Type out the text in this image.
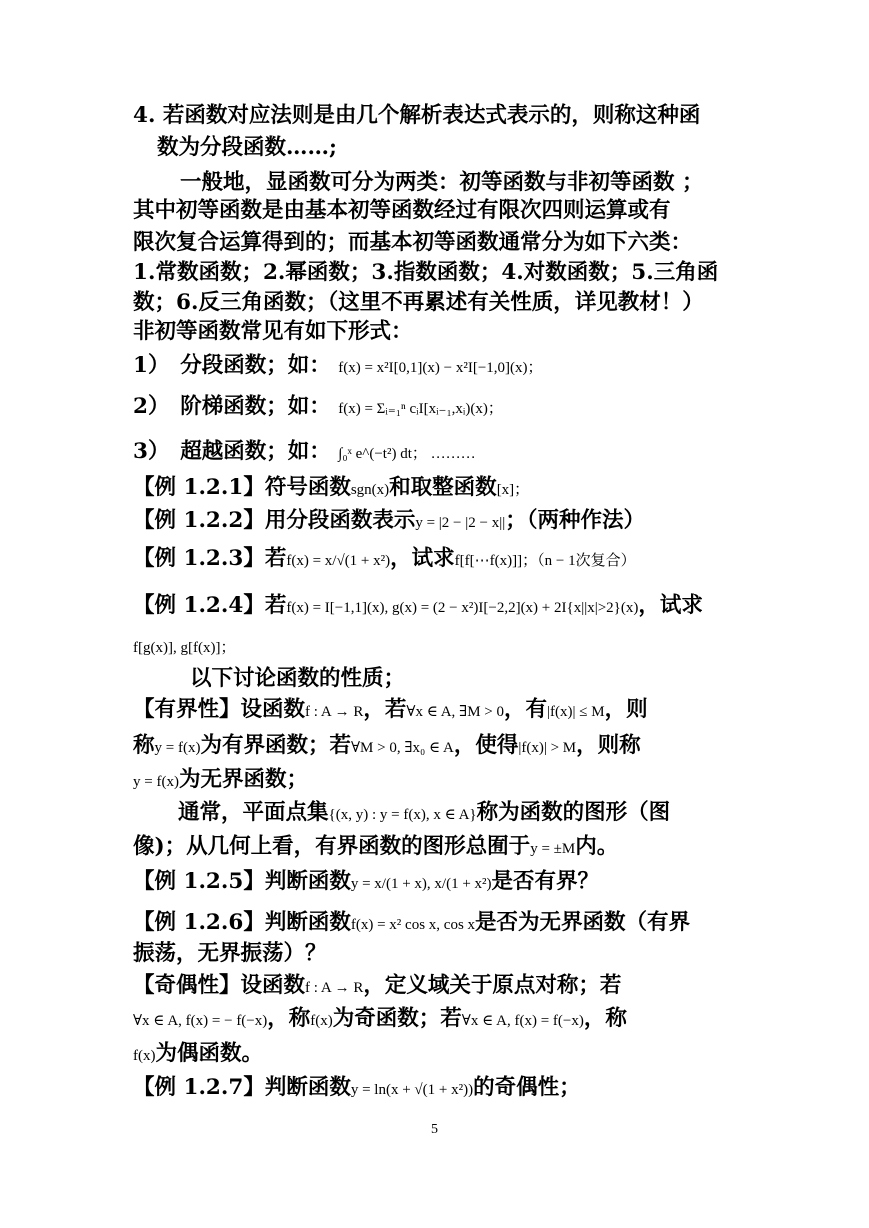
4. 若函数对应法则是由几个解析表达式表示的，则称这种函
数为分段函数……;
一般地，显函数可分为两类：初等函数与非初等函数 ；
其中初等函数是由基本初等函数经过有限次四则运算或有
限次复合运算得到的；而基本初等函数通常分为如下六类：
1.常数函数；2.幂函数；3.指数函数；4.对数函数；5.三角函
数；6.反三角函数；（这里不再累述有关性质，详见教材！）
非初等函数常见有如下形式：
1）　分段函数；如： f(x) = x²I[0,1](x) − x²I[−1,0](x)；
2）　阶梯函数；如： f(x) = Σᵢ₌₁ⁿ cᵢI[xᵢ₋₁,xᵢ)(x)；
3）　超越函数；如： ∫₀ˣ e^(−t²) dt； ………
【例 1.2.1】符号函数sgn(x)和取整函数[x]；
【例 1.2.2】用分段函数表示y = |2 − |2 − x||；（两种作法）
【例 1.2.3】若f(x) = x/√(1 + x²)，试求f[f[⋯f(x)]]；（n − 1次复合）
【例 1.2.4】若f(x) = I[−1,1](x), g(x) = (2 − x²)I[−2,2](x) + 2I{x||x|>2}(x)，试求
f[g(x)], g[f(x)]；
以下讨论函数的性质；
【有界性】设函数f : A → R，若∀x ∈ A, ∃M > 0，有|f(x)| ≤ M，则
称y = f(x)为有界函数；若∀M > 0, ∃x₀ ∈ A，使得|f(x)| > M，则称
y = f(x)为无界函数；
通常，平面点集{(x, y) : y = f(x), x ∈ A}称为函数的图形（图
像)；从几何上看，有界函数的图形总囿于y = ±M内。
【例 1.2.5】判断函数y = x/(1 + x), x/(1 + x²)是否有界？
【例 1.2.6】判断函数f(x) = x² cos x, cos x是否为无界函数（有界
振荡，无界振荡）？
【奇偶性】设函数f : A → R，定义域关于原点对称；若
∀x ∈ A, f(x) = − f(−x)，称f(x)为奇函数；若∀x ∈ A, f(x) = f(−x)，称
f(x)为偶函数。
【例 1.2.7】判断函数y = ln(x + √(1 + x²))的奇偶性；
5
